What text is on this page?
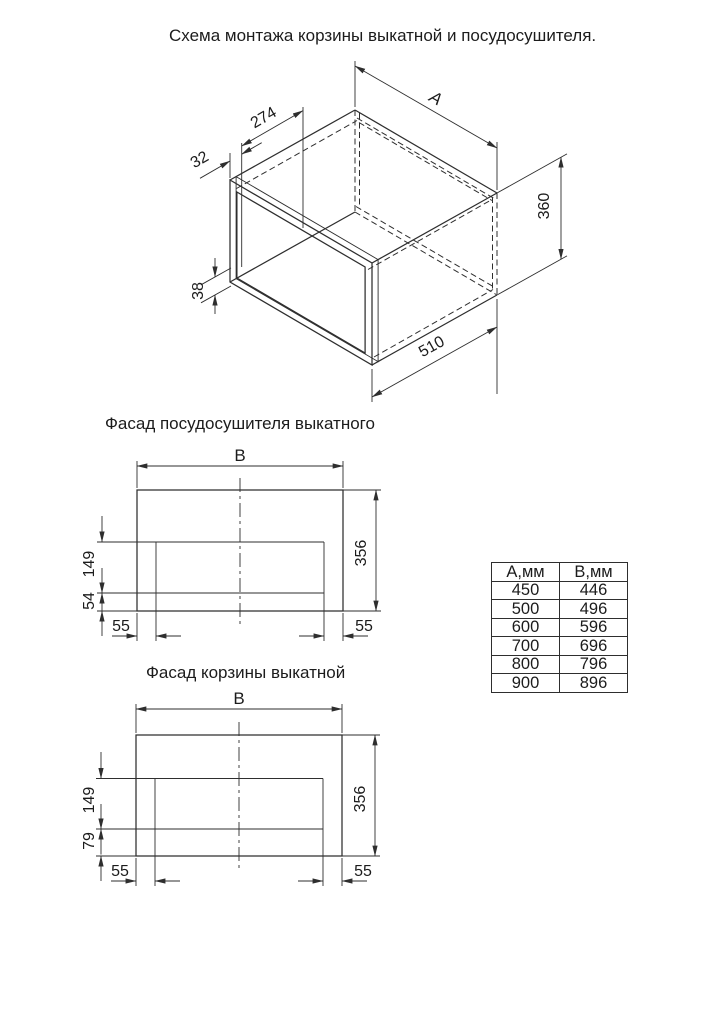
A
274
32
38
360
510
B
356
149
54
55	55
B
356
149
79
55	55
Схема монтажа корзины выкатной и посудосушителя.
Фасад посудосушителя выкатного
Фасад корзины выкатной
А,мм	В,мм
450	446
500	496
600	596
700	696
800	796
900	896
